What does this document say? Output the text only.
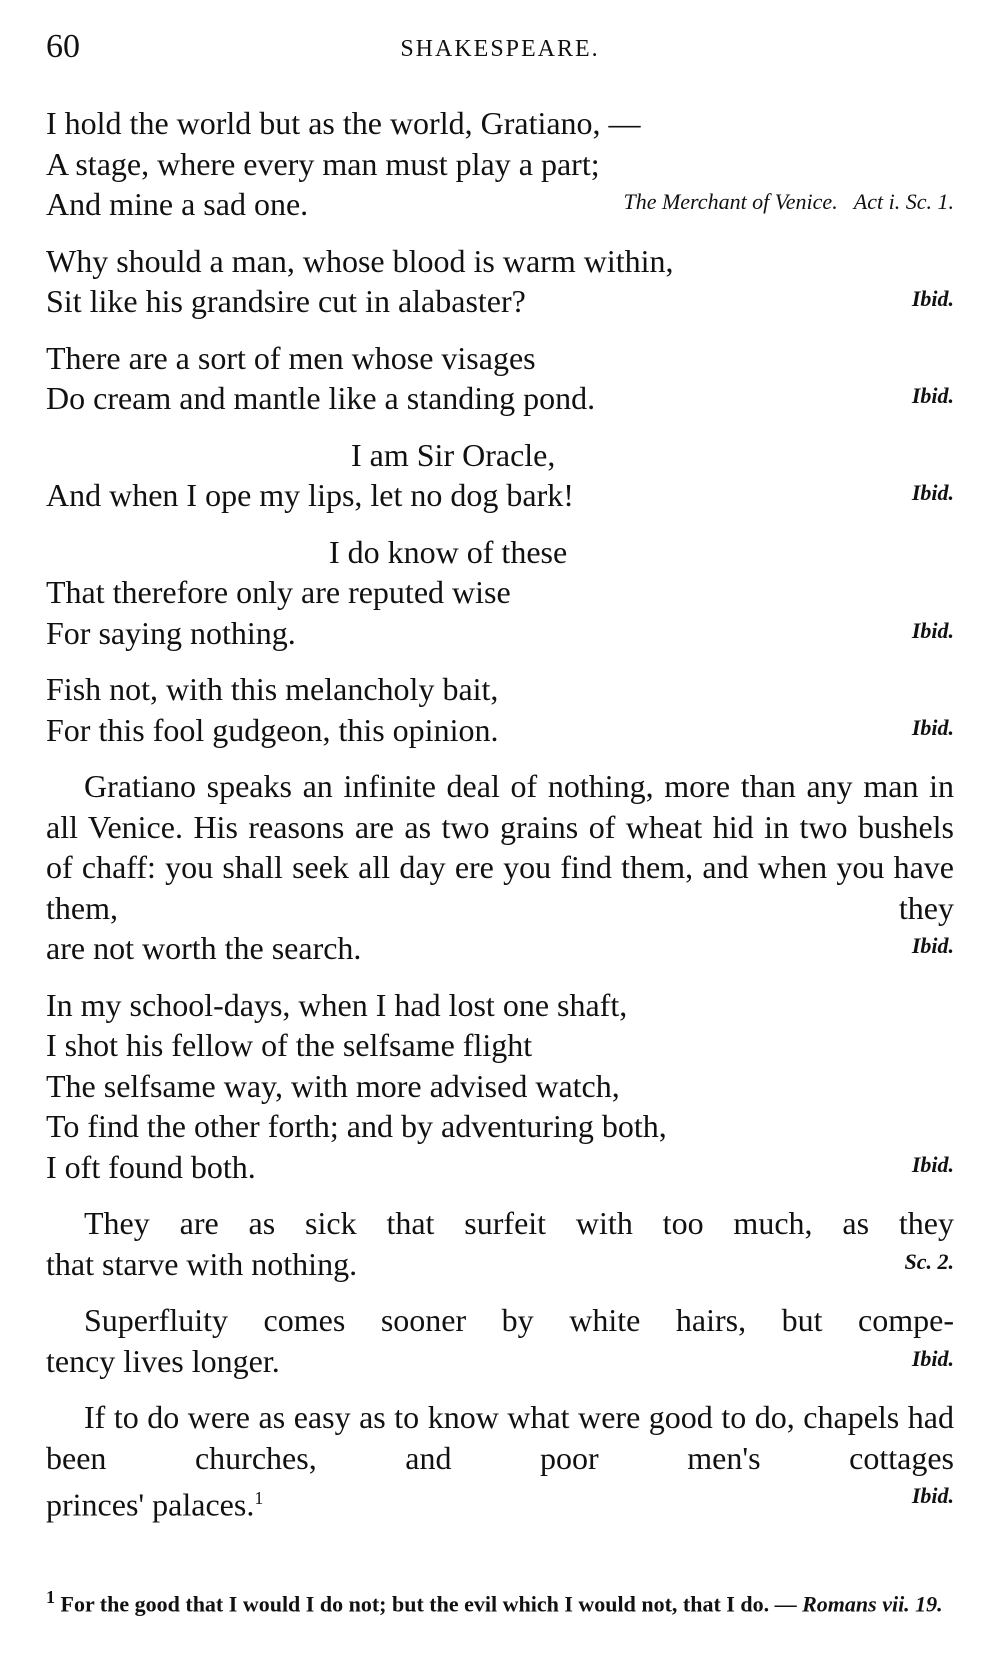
60	SHAKESPEARE.
I hold the world but as the world, Gratiano, —
A stage, where every man must play a part;
And mine a sad one.	The Merchant of Venice.   Act i. Sc. 1.
Why should a man, whose blood is warm within,
Sit like his grandsire cut in alabaster?	Ibid.
There are a sort of men whose visages
Do cream and mantle like a standing pond.	Ibid.
I am Sir Oracle,
And when I ope my lips, let no dog bark!	Ibid.
I do know of these
That therefore only are reputed wise
For saying nothing.	Ibid.
Fish not, with this melancholy bait,
For this fool gudgeon, this opinion.	Ibid.

Gratiano speaks an infinite deal of nothing, more than any man in all Venice. His reasons are as two grains of wheat hid in two bushels of chaff: you shall seek all day ere you find them, and when you have them, they

are not worth the search.	Ibid.
In my school-days, when I had lost one shaft,
I shot his fellow of the selfsame flight
The selfsame way, with more advised watch,
To find the other forth; and by adventuring both,
I oft found both.	Ibid.

They are as sick that surfeit with too much, as they

that starve with nothing.	Sc. 2.

Superfluity comes sooner by white hairs, but compe-

tency lives longer.	Ibid.

If to do were as easy as to know what were good to do, chapels had been churches, and poor men's cottages

princes' palaces.$^1$	Ibid.
$^1$ For the good that I would I do not; but the evil which I would not, that I do. — Romans vii. 19.
